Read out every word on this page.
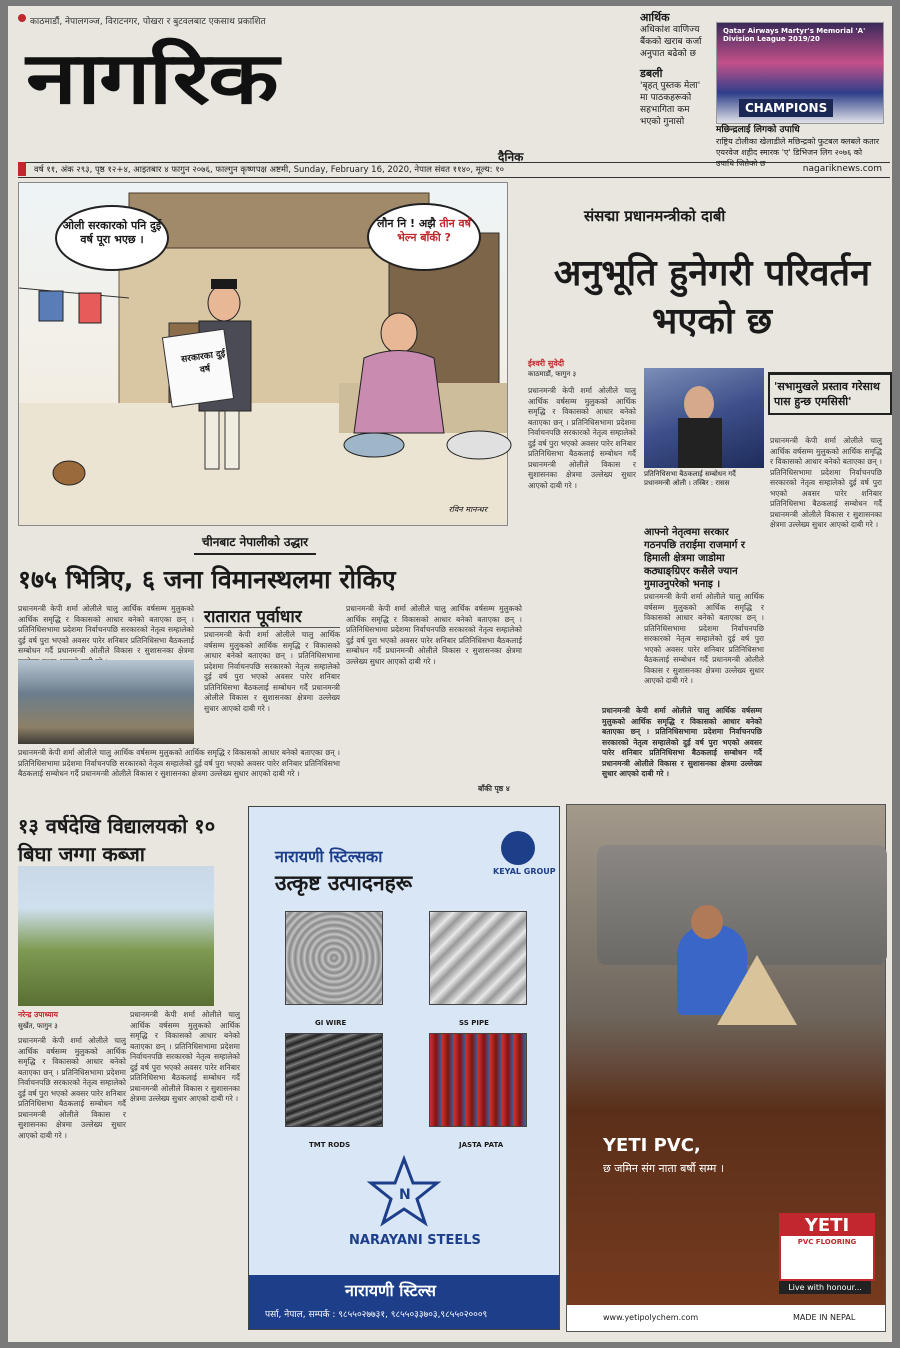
काठमाडौं, नेपालगञ्ज, विराटनगर, पोखरा र बुटवलबाट एकसाथ प्रकाशित
नागरिक
दैनिक
आर्थिक
अधिकांश वाणिज्य बैंकको खराब कर्जा अनुपात बढेको छ
डबली
'बृहत् पुस्तक मेला' मा पाठकहरूको सहभागिता कम भएको गुनासो
Qatar Airways Martyr's Memorial 'A' Division League 2019/20
CHAMPIONS
मछिन्द्रलाई लिगको उपाधि
राष्ट्रिय टोलीका खेलाडीले मछिन्द्रको फुटबल क्लबले कतार एयरवेज शहीद स्मारक 'ए' डिभिजन लिग २०७६ को उपाधि जितेको छ
वर्ष ११, अंक २९३, पृष्ठ १२+४, आइतबार ४ फागुन २०७६, फाल्गुन कृष्णपक्ष अष्टमी, Sunday, February 16, 2020, नेपाल संवत ११४०, मूल्य: १०	nagariknews.com
ओली सरकारको पनि दुई वर्ष पूरा भएछ ।
लौन नि ! अझै तीन वर्ष भेल्न बाँकी ?
सरकारका दुई वर्ष
रविन मानन्धर
संसद्मा प्रधानमन्त्रीको दाबी
अनुभूति हुनेगरी परिवर्तन भएको छ
ईश्वरी सुवेदी
काठमाडौं, फागुन ३
प्रधानमन्त्री केपी शर्मा ओलीले चालु आर्थिक वर्षसम्म मुलुकको आर्थिक समृद्धि र विकासको आधार बनेको बताएका छन् । प्रतिनिधिसभामा प्रदेशमा निर्वाचनपछि सरकारको नेतृत्व सम्हालेको दुई वर्ष पुरा भएको अवसर पारेर शनिबार प्रतिनिधिसभा बैठकलाई सम्बोधन गर्दै प्रधानमन्त्री ओलीले विकास र सुशासनका क्षेत्रमा उल्लेख्य सुधार आएको दाबी गरे ।
प्रतिनिधिसभा बैठकलाई सम्बोधन गर्दै प्रधानमन्त्री ओली । तस्बिर : रासस
'सभामुखले प्रस्ताव गरेसाथ पास हुन्छ एमसिसी'
प्रधानमन्त्री केपी शर्मा ओलीले चालु आर्थिक वर्षसम्म मुलुकको आर्थिक समृद्धि र विकासको आधार बनेको बताएका छन् । प्रतिनिधिसभामा प्रदेशमा निर्वाचनपछि सरकारको नेतृत्व सम्हालेको दुई वर्ष पुरा भएको अवसर पारेर शनिबार प्रतिनिधिसभा बैठकलाई सम्बोधन गर्दै प्रधानमन्त्री ओलीले विकास र सुशासनका क्षेत्रमा उल्लेख्य सुधार आएको दाबी गरे ।
आफ्नो नेतृत्वमा सरकार गठनपछि तराईमा राजमार्ग र हिमाली क्षेत्रमा जाडोमा कठ्याङ्ग्रिएर कसैले ज्यान गुमाउनुपरेको भनाइ ।
प्रधानमन्त्री केपी शर्मा ओलीले चालु आर्थिक वर्षसम्म मुलुकको आर्थिक समृद्धि र विकासको आधार बनेको बताएका छन् । प्रतिनिधिसभामा प्रदेशमा निर्वाचनपछि सरकारको नेतृत्व सम्हालेको दुई वर्ष पुरा भएको अवसर पारेर शनिबार प्रतिनिधिसभा बैठकलाई सम्बोधन गर्दै प्रधानमन्त्री ओलीले विकास र सुशासनका क्षेत्रमा उल्लेख्य सुधार आएको दाबी गरे ।
प्रधानमन्त्री केपी शर्मा ओलीले चालु आर्थिक वर्षसम्म मुलुकको आर्थिक समृद्धि र विकासको आधार बनेको बताएका छन् । प्रतिनिधिसभामा प्रदेशमा निर्वाचनपछि सरकारको नेतृत्व सम्हालेको दुई वर्ष पुरा भएको अवसर पारेर शनिबार प्रतिनिधिसभा बैठकलाई सम्बोधन गर्दै प्रधानमन्त्री ओलीले विकास र सुशासनका क्षेत्रमा उल्लेख्य सुधार आएको दाबी गरे ।
चीनबाट नेपालीको उद्धार
१७५ भित्रिए, ६ जना विमानस्थलमा रोकिए
प्रधानमन्त्री केपी शर्मा ओलीले चालु आर्थिक वर्षसम्म मुलुकको आर्थिक समृद्धि र विकासको आधार बनेको बताएका छन् । प्रतिनिधिसभामा प्रदेशमा निर्वाचनपछि सरकारको नेतृत्व सम्हालेको दुई वर्ष पुरा भएको अवसर पारेर शनिबार प्रतिनिधिसभा बैठकलाई सम्बोधन गर्दै प्रधानमन्त्री ओलीले विकास र सुशासनका क्षेत्रमा
प्रधानमन्त्री केपी शर्मा ओलीले चालु आर्थिक वर्षसम्म मुलुकको आर्थिक समृद्धि र विकासको आधार बनेको बताएका छन् । प्रतिनिधिसभामा प्रदेशमा निर्वाचनपछि सरकारको नेतृत्व सम्हालेको दुई वर्ष पुरा भएको अवसर पारेर शनिबार प्रतिनिधिसभा बैठकलाई सम्बोधन गर्दै प्रधानमन्त्री ओलीले विकास र सुशासनका क्षेत्रमा उल्लेख्य सुधार आएको दाबी गरे ।
रातारात पूर्वाधार
प्रधानमन्त्री केपी शर्मा ओलीले चालु आर्थिक वर्षसम्म मुलुकको आर्थिक समृद्धि र विकासको आधार बनेको बताएका छन् । प्रतिनिधिसभामा प्रदेशमा निर्वाचनपछि सरकारको नेतृत्व सम्हालेको दुई वर्ष पुरा भएको अवसर पारेर शनिबार प्रतिनिधिसभा बैठकलाई सम्बोधन गर्दै प्रधानमन्त्री ओलीले विकास र सुशासनका क्षेत्रमा उल्लेख्य सुधार आएको दाबी गरे ।
प्रधानमन्त्री केपी शर्मा ओलीले चालु आर्थिक वर्षसम्म मुलुकको आर्थिक समृद्धि र विकासको आधार बनेको बताएका छन् । प्रतिनिधिसभामा प्रदेशमा निर्वाचनपछि सरकारको नेतृत्व सम्हालेको दुई वर्ष पुरा भएको अवसर पारेर शनिबार प्रतिनिधिसभा बैठकलाई सम्बोधन गर्दै प्रधानमन्त्री ओलीले विकास र सुशासनका क्षेत्रमा उल्लेख्य सुधार आएको दाबी गरे ।
बाँकी पृष्ठ ४
१३ वर्षदेखि विद्यालयको १० बिघा जग्गा कब्जा
नरेन्द्र उपाध्याय
सुर्खेत, फागुन ३
प्रधानमन्त्री केपी शर्मा ओलीले चालु आर्थिक वर्षसम्म मुलुकको आर्थिक समृद्धि र विकासको आधार बनेको बताएका छन् । प्रतिनिधिसभामा प्रदेशमा निर्वाचनपछि सरकारको नेतृत्व सम्हालेको दुई वर्ष पुरा भएको अवसर पारेर शनिबार प्रतिनिधिसभा बैठकलाई सम्बोधन गर्दै प्रधानमन्त्री ओलीले विकास र सुशासनका क्षेत्रमा उल्लेख्य सुधार आएको दाबी गरे ।
प्रधानमन्त्री केपी शर्मा ओलीले चालु आर्थिक वर्षसम्म मुलुकको आर्थिक समृद्धि र विकासको आधार बनेको बताएका छन् । प्रतिनिधिसभामा प्रदेशमा निर्वाचनपछि सरकारको नेतृत्व सम्हालेको दुई वर्ष पुरा भएको अवसर पारेर शनिबार प्रतिनिधिसभा बैठकलाई सम्बोधन गर्दै प्रधानमन्त्री ओलीले विकास र सुशासनका क्षेत्रमा उल्लेख्य सुधार आएको दाबी गरे ।
नारायणी स्टिल्सका
उत्कृष्ट उत्पादनहरू	KEYAL GROUP
GI WIRE	SS PIPE
TMT RODS	JASTA PATA
N
NARAYANI STEELS
नारायणी स्टिल्स
पर्सा, नेपाल, सम्पर्क : ९८५५०२७७३१, ९८५५०३३७०३,९८५५०२०००९
YETI PVC,
छ जमिन संग नाता बर्षौ सम्म ।
YETI
PVC FLOORING
Live with honour...
www.yetipolychem.com	MADE IN NEPAL
